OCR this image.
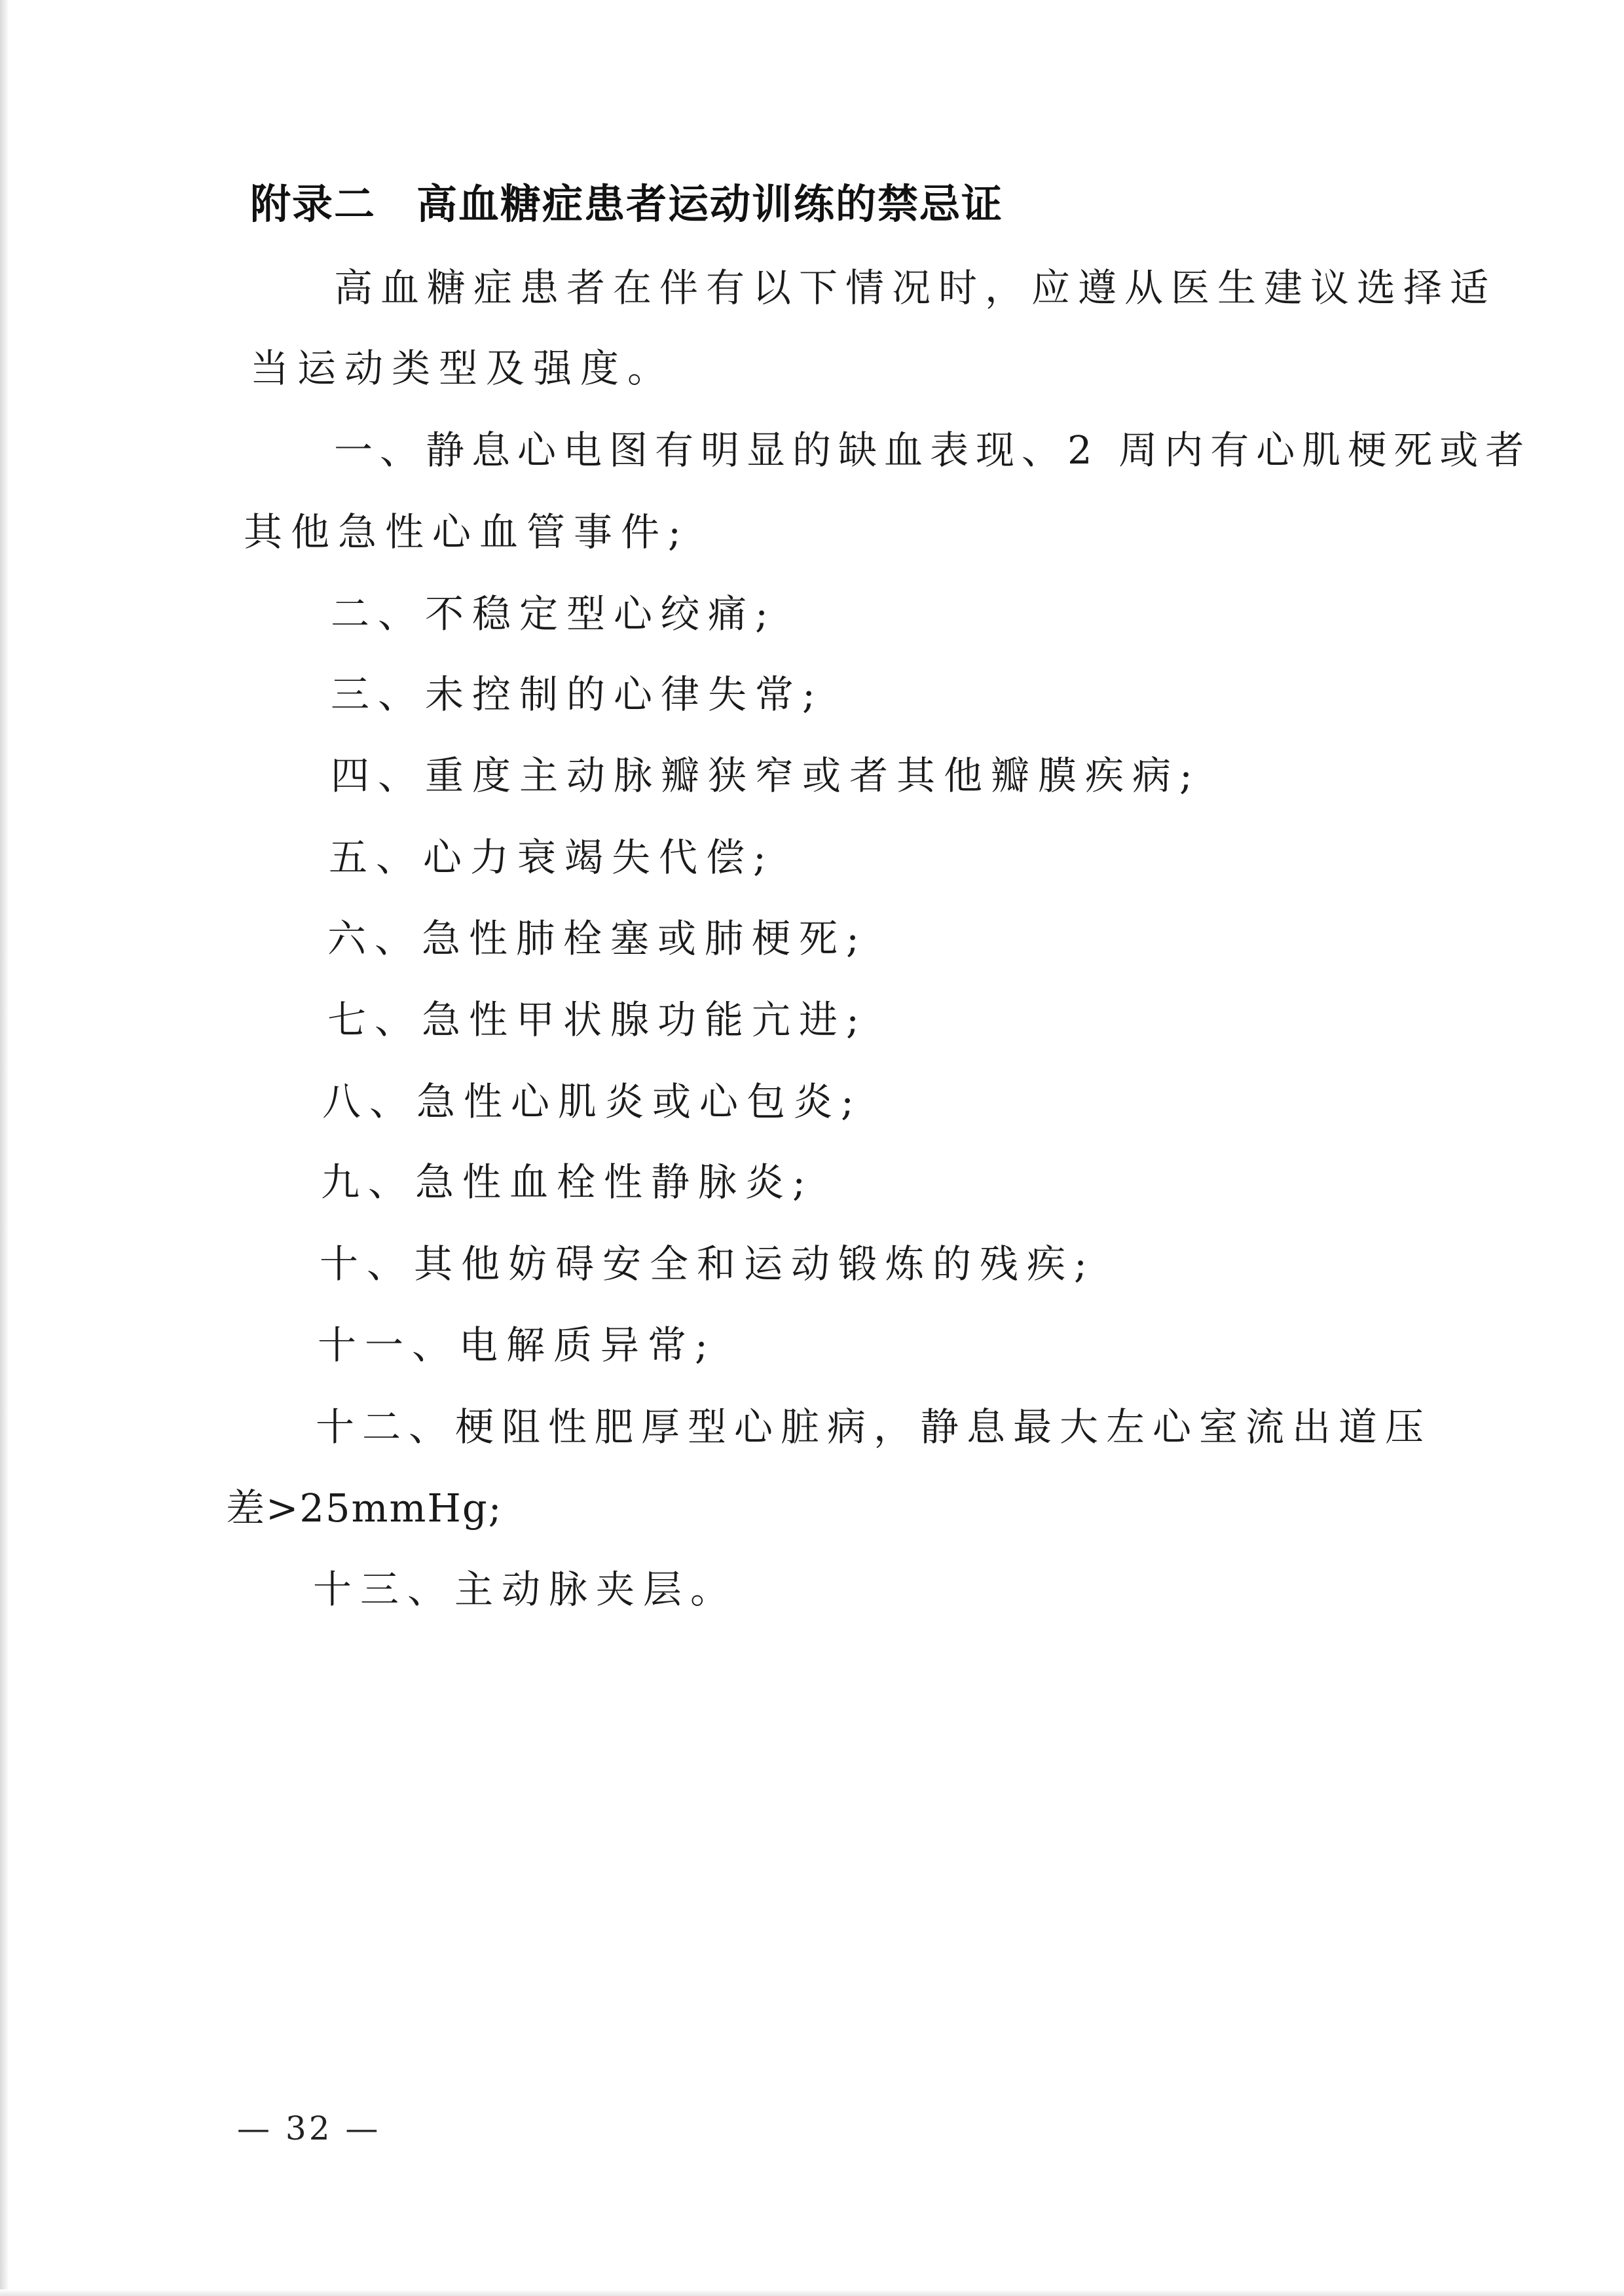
附录二 高血糖症患者运动训练的禁忌证
高血糖症患者在伴有以下情况时，应遵从医生建议选择适
当运动类型及强度。
一、静息心电图有明显的缺血表现、2 周内有心肌梗死或者
其他急性心血管事件;
二、不稳定型心绞痛;
三、未控制的心律失常;
四、重度主动脉瓣狭窄或者其他瓣膜疾病;
五、心力衰竭失代偿;
六、急性肺栓塞或肺梗死;
七、急性甲状腺功能亢进;
八、急性心肌炎或心包炎;
九、急性血栓性静脉炎;
十、其他妨碍安全和运动锻炼的残疾;
十一、电解质异常;
十二、梗阻性肥厚型心脏病，静息最大左心室流出道压
差>25mmHg;
十三、主动脉夹层。
— 32 —
